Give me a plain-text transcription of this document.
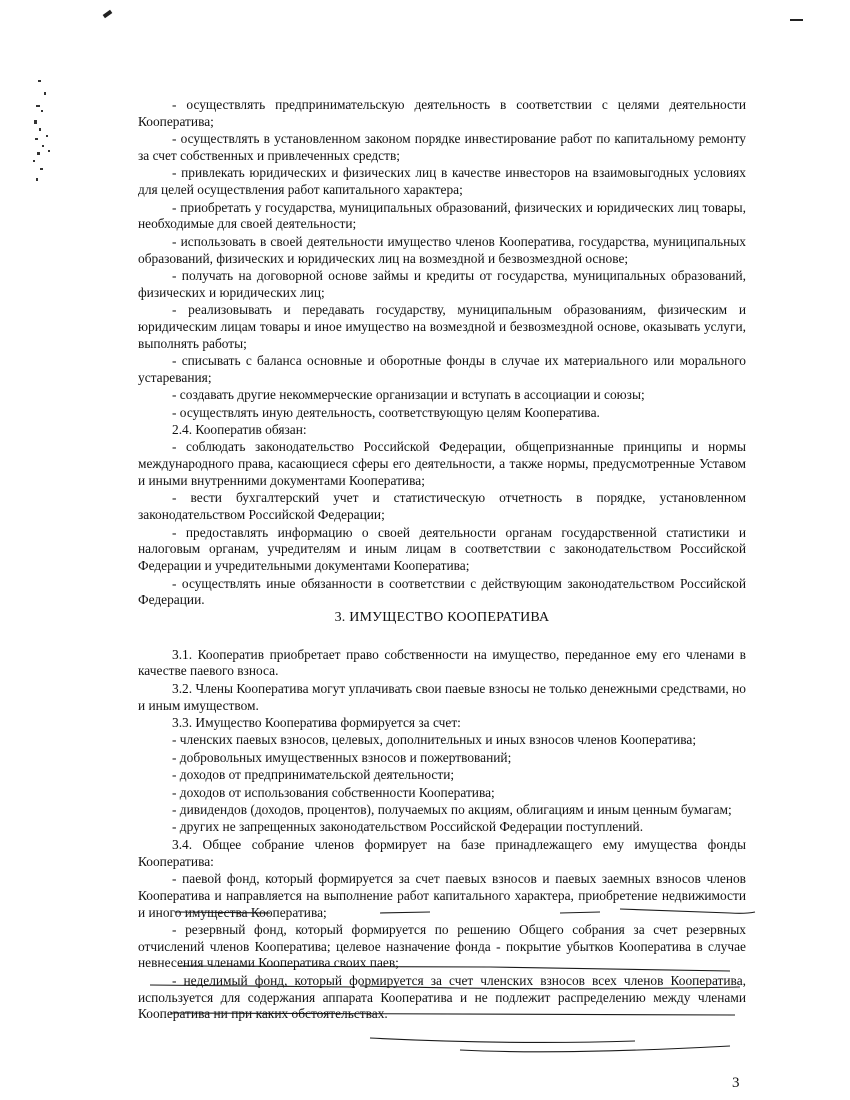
- осуществлять предпринимательскую деятельность в соответствии с целями деятельности Кооператива;

- осуществлять в установленном законом порядке инвестирование работ по капитальному ремонту за счет собственных и привлеченных средств;

- привлекать юридических и физических лиц в качестве инвесторов на взаимовыгодных условиях для целей осуществления работ капитального характера;

- приобретать у государства, муниципальных образований, физических и юридических лиц товары, необходимые для своей деятельности;

- использовать в своей деятельности имущество членов Кооператива, государства, муниципальных образований, физических и юридических лиц на возмездной и безвозмездной основе;

- получать на договорной основе займы и кредиты от государства, муниципальных образований, физических и юридических лиц;

- реализовывать и передавать государству, муниципальным образованиям, физическим и юридическим лицам товары и иное имущество на возмездной и безвозмездной основе, оказывать услуги, выполнять работы;

- списывать с баланса основные и оборотные фонды в случае их материального или морального устаревания;

- создавать другие некоммерческие организации и вступать в ассоциации и союзы;

- осуществлять иную деятельность, соответствующую целям Кооператива.

2.4. Кооператив обязан:

- соблюдать законодательство Российской Федерации, общепризнанные принципы и нормы международного права, касающиеся сферы его деятельности, а также нормы, предусмотренные Уставом и иными внутренними документами Кооператива;

- вести бухгалтерский учет и статистическую отчетность в порядке, установленном законодательством Российской Федерации;

- предоставлять информацию о своей деятельности органам государственной статистики и налоговым органам, учредителям и иным лицам в соответствии с законодательством Российской Федерации и учредительными документами Кооператива;

- осуществлять иные обязанности в соответствии с действующим законодательством Российской Федерации.

3. ИМУЩЕСТВО КООПЕРАТИВА

3.1. Кооператив приобретает право собственности на имущество, переданное ему его членами в качестве паевого взноса.

3.2. Члены Кооператива могут уплачивать свои паевые взносы не только денежными средствами, но и иным имуществом.

3.3. Имущество Кооператива формируется за счет:

- членских паевых взносов, целевых, дополнительных и иных взносов членов Кооператива;

- добровольных имущественных взносов и пожертвований;

- доходов от предпринимательской деятельности;

- доходов от использования собственности Кооператива;

- дивидендов (доходов, процентов), получаемых по акциям, облигациям и иным ценным бумагам;

- других не запрещенных законодательством Российской Федерации поступлений.

3.4. Общее собрание членов формирует на базе принадлежащего ему имущества фонды Кооператива:

- паевой фонд, который формируется за счет паевых взносов и паевых заемных взносов членов Кооператива и направляется на выполнение работ капитального характера, приобретение недвижимости и иного имущества Кооператива;

- резервный фонд, который формируется по решению Общего собрания за счет резервных отчислений членов Кооператива; целевое назначение фонда - покрытие убытков Кооператива в случае невнесения членами Кооператива своих паев;

- неделимый фонд, который формируется за счет членских взносов всех членов Кооператива, используется для содержания аппарата Кооператива и не подлежит распределению между членами Кооператива ни при каких обстоятельствах.

3
